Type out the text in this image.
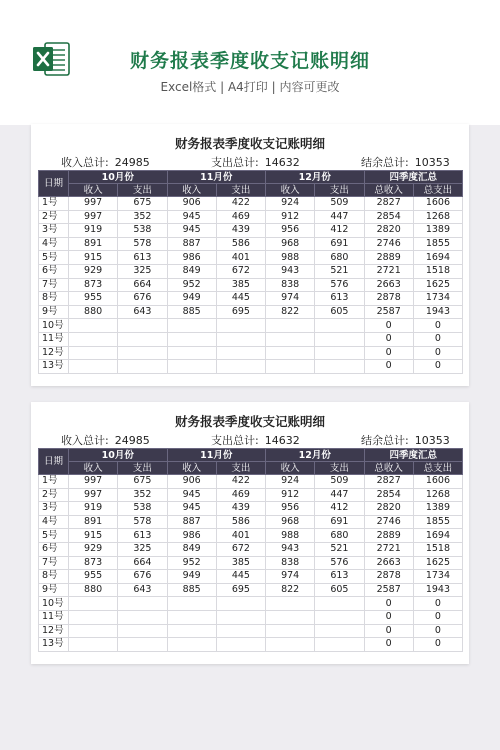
财务报表季度收支记账明细
Excel格式 | A4打印 | 内容可更改
财务报表季度收支记账明细
收入总计: 24985	支出总计: 14632	结余总计: 10353
日期	10月份		11月份		12月份		四季度汇总	
	收入	支出	收入	支出	收入	支出	总收入	总支出
1号	997	675	906	422	924	509	2827	1606
2号	997	352	945	469	912	447	2854	1268
3号	919	538	945	439	956	412	2820	1389
4号	891	578	887	586	968	691	2746	1855
5号	915	613	986	401	988	680	2889	1694
6号	929	325	849	672	943	521	2721	1518
7号	873	664	952	385	838	576	2663	1625
8号	955	676	949	445	974	613	2878	1734
9号	880	643	885	695	822	605	2587	1943
10号							0	0
11号							0	0
12号							0	0
13号							0	0
财务报表季度收支记账明细
收入总计: 24985	支出总计: 14632	结余总计: 10353
日期	10月份		11月份		12月份		四季度汇总	
	收入	支出	收入	支出	收入	支出	总收入	总支出
1号	997	675	906	422	924	509	2827	1606
2号	997	352	945	469	912	447	2854	1268
3号	919	538	945	439	956	412	2820	1389
4号	891	578	887	586	968	691	2746	1855
5号	915	613	986	401	988	680	2889	1694
6号	929	325	849	672	943	521	2721	1518
7号	873	664	952	385	838	576	2663	1625
8号	955	676	949	445	974	613	2878	1734
9号	880	643	885	695	822	605	2587	1943
10号							0	0
11号							0	0
12号							0	0
13号							0	0
